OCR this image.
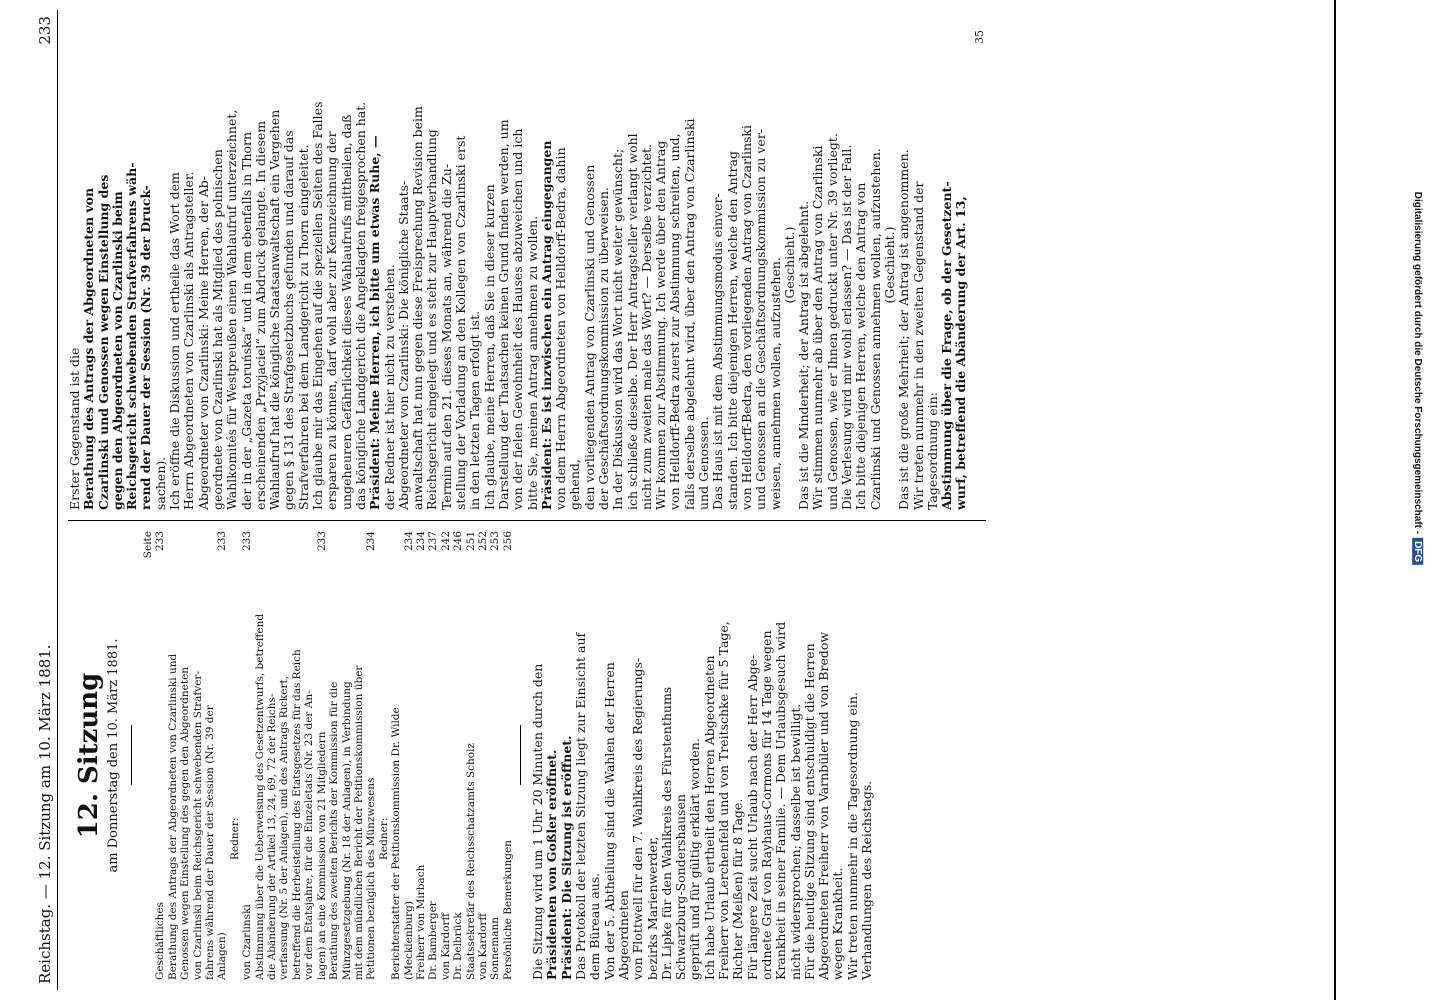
Digitalisierung gefördert durch die Deutsche Forschungsgemeinschaft -DFG
Reichstag. — 12. Sitzung am 10. März 1881.
233
12. Sitzung am Donnerstag den 10. März 1881.
Seite
Geschäftliches
233
Berathung des Antrags der Abgeordneten von Czarlinski und Genossen wegen Einstellung des gegen den Abgeordneten von Czarlinski beim Reichsgericht schwebenden Strafver- fahrens während der Dauer der Session (Nr. 39 der Anlagen)
233
Redner:
von Czarlinski
233
Abstimmung über die Ueberweisung des Gesetzentwurfs, betreffend die Abänderung der Artikel 13, 24, 69, 72 der Reichs- verfassung (Nr. 5 der Anlagen), und des Antrags Rickert, betreffend die Herbeistellung des Etatsgesetzes für das Reich vor dem Etatsjahre, für die Einzeletats (Nr. 23 der An- lagen) an eine Kommission von 21 Mitgliedern
233
Berathung des zweiten Berichts der Kommission für die Münzgesetzgebung (Nr. 18 der Anlagen), in Verbindung mit dem mündlichen Bericht der Petitionskommission über Petitionen bezüglich des Münzwesens
234
Redner: Berichterstatter der Petitionskommission Dr. Wilde (Mecklenburg)
234
Freiherr von Mirbach
234
Dr. Bamberger
237
von Kardorff
242
Dr. Delbrück
246
Staatssekretär des Reichsschatzamts Scholz
251
von Kardorff
252
Sonnemann
253
Persönliche Bemerkungen
256
Die Sitzung wird um 1 Uhr 20 Minuten durch den Präsidenten von Goßler eröffnet. Präsident: Die Sitzung ist eröffnet. Das Protokoll der letzten Sitzung liegt zur Einsicht auf dem Büreau aus. Von der 5. Abtheilung sind die Wahlen der Herren Abgeordneten von Flottwell für den 7. Wahlkreis des Regierungs- bezirks Marienwerder, Dr. Lipke für den Wahlkreis des Fürstenthums Schwarzburg-Sondershausen geprüft und für gültig erklärt worden. Ich habe Urlaub ertheilt den Herren Abgeordneten Freiherr von Lerchenfeld und von Treitschke für 5 Tage, Richter (Meißen) für 8 Tage. Für längere Zeit sucht Urlaub nach der Herr Abge- ordnete Graf von Rayhaus-Cormons für 14 Tage wegen Krankheit in seiner Familie. — Dem Urlaubsgesuch wird nicht widersprochen; dasselbe ist bewilligt. Für die heutige Sitzung sind entschuldigt die Herren Abgeordneten Freiherr von Varnbüler und von Bredow wegen Krankheit. Wir treten nunmehr in die Tagesordnung ein. Verhandlungen des Reichstags.
Erster Gegenstand ist die Berathung des Antrags der Abgeordneten von Czarlinski und Genossen wegen Einstellung des gegen den Abgeordneten von Czarlinski beim Reichsgericht schwebenden Strafverfahrens wäh- rend der Dauer der Session (Nr. 39 der Druck- sachen). Ich eröffne die Diskussion und ertheile das Wort dem Herrn Abgeordneten von Czarlinski als Antragsteller. Abgeordneter von Czarlinski: Meine Herren, der Ab- geordnete von Czarlinski hat als Mitglied des polnischen Wahlkomités für Westpreußen einen Wahlaufruf unterzeichnet, der in der „Gazeta toruńska“ und in dem ebenfalls in Thorn erscheinenden „Przyjaciel“ zum Abdruck gelangte. In diesem Wahlaufruf hat die königliche Staatsanwaltschaft ein Vergehen gegen § 131 des Strafgesetzbuchs gefunden und darauf das Strafverfahren bei dem Landgericht zu Thorn eingeleitet. Ich glaube mir das Eingehen auf die speziellen Seiten des Falles ersparen zu können, darf wohl aber zur Kennzeichnung der ungeheuren Gefährlichkeit dieses Wahlaufrufs mittheilen, daß das königliche Landgericht die Angeklagten freigesprochen hat. Präsident: Meine Herren, ich bitte um etwas Ruhe, — der Redner ist hier nicht zu verstehen. Abgeordneter von Czarlinski: Die königliche Staats- anwaltschaft hat nun gegen diese Freisprechung Revision beim Reichsgericht eingelegt und es steht zur Hauptverhandlung Termin auf den 21. dieses Monats an, während die Zu- stellung der Vorladung an den Kollegen von Czarlinski erst in den letzten Tagen erfolgt ist. Ich glaube, meine Herren, daß Sie in dieser kurzen Darstellung der Thatsachen keinen Grund finden werden, um von der fielen Gewohnheit des Hauses abzuweichen und ich bitte Sie, meinen Antrag annehmen zu wollen. Präsident: Es ist inzwischen ein Antrag eingegangen von dem Herrn Abgeordneten von Helldorff-Bedra, dahin gehend, den vorliegenden Antrag von Czarlinski und Genossen der Geschäftsordnungskommission zu überweisen. In der Diskussion wird das Wort nicht weiter gewünscht; ich schließe dieselbe. Der Herr Antragsteller verlangt wohl nicht zum zweiten male das Wort? — Derselbe verzichtet. Wir kommen zur Abstimmung. Ich werde über den Antrag von Helldorff-Bedra zuerst zur Abstimmung schreiten, und, falls derselbe abgelehnt wird, über den Antrag von Czarlinski und Genossen. Das Haus ist mit dem Abstimmungsmodus einver- standen. Ich bitte diejenigen Herren, welche den Antrag von Helldorff-Bedra, den vorliegenden Antrag von Czarlinski und Genossen an die Geschäftsordnungskommission zu ver- weisen, annehmen wollen, aufzustehen. (Geschieht.) Das ist die Minderheit; der Antrag ist abgelehnt. Wir stimmen nunmehr ab über den Antrag von Czarlinski und Genossen, wie er Ihnen gedruckt unter Nr. 39 vorliegt. Die Verlesung wird mir wohl erlassen? — Das ist der Fall. Ich bitte diejenigen Herren, welche den Antrag von Czarlinski und Genossen annehmen wollen, aufzustehen. (Geschieht.) Das ist die große Mehrheit; der Antrag ist angenommen. Wir treten nunmehr in den zweiten Gegenstand der Tagesordnung ein: Abstimmung über die Frage, ob der Gesetzent- wurf, betreffend die Abänderung der Art. 13,
35
